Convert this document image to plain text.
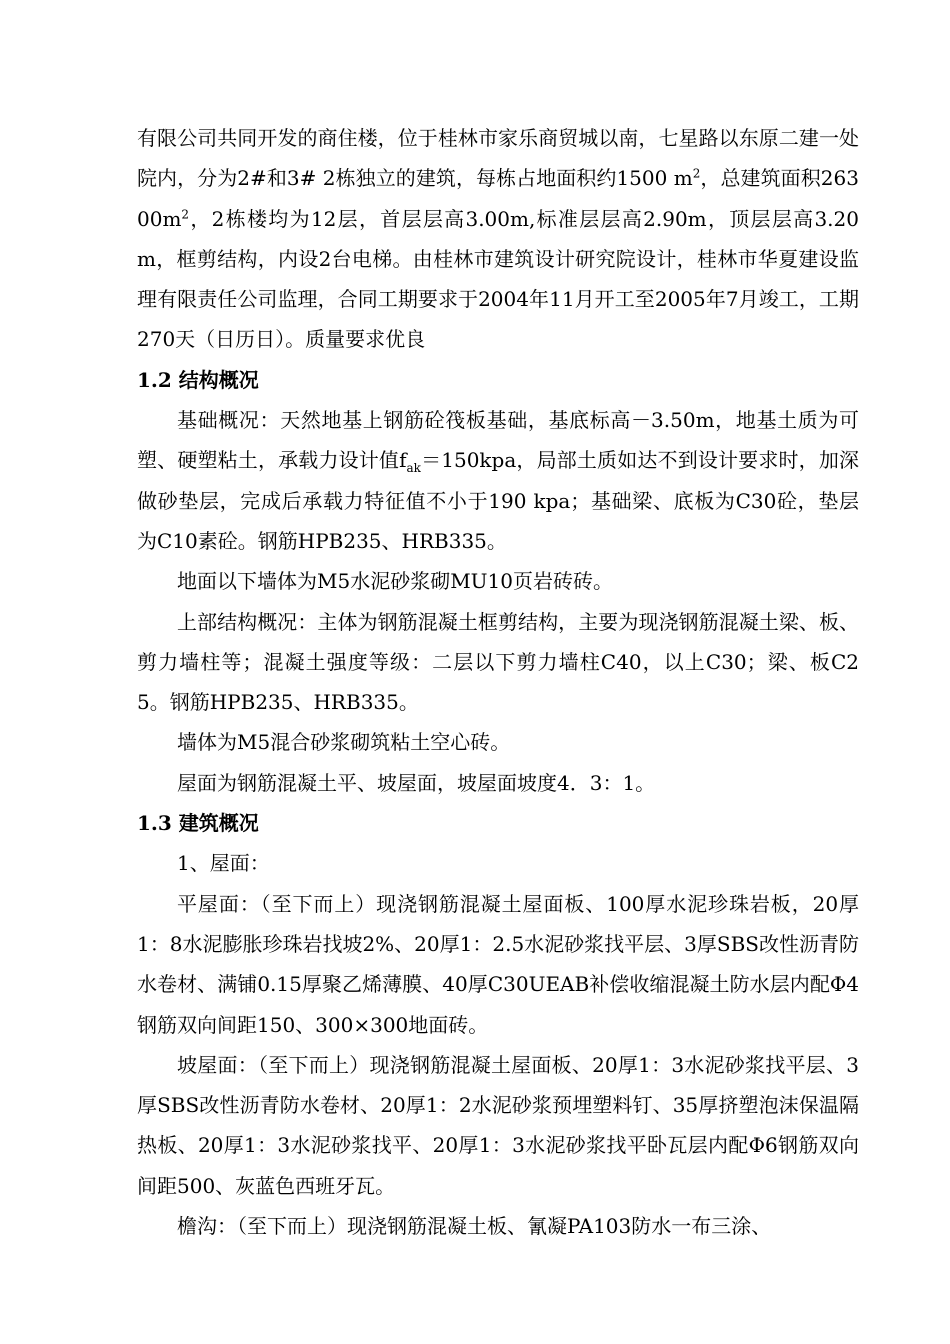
有限公司共同开发的商住楼，位于桂林市家乐商贸城以南，七星路以东原二建一处院内，分为2#和3# 2栋独立的建筑，每栋占地面积约1500 $m^2$，总建筑面积$26300m^2$，2栋楼均为12层，首层层高3.00m,标准层层高2.90m，顶层层高3.20m，框剪结构，内设2台电梯。由桂林市建筑设计研究院设计，桂林市华夏建设监理有限责任公司监理，合同工期要求于2004年11月开工至2005年7月竣工，工期270天（日历日）。质量要求优良

1.2 结构概况

基础概况：天然地基上钢筋砼筏板基础，基底标高－3.50m，地基土质为可塑、硬塑粘土，承载力设计值$f_{ak}=150kpa$，局部土质如达不到设计要求时，加深做砂垫层，完成后承载力特征值不小于190 kpa；基础梁、底板为C30砼，垫层为C10素砼。钢筋HPB235、HRB335。

地面以下墙体为M5水泥砂浆砌MU10页岩砖砖。

上部结构概况：主体为钢筋混凝土框剪结构，主要为现浇钢筋混凝土梁、板、剪力墙柱等；混凝土强度等级：二层以下剪力墙柱C40，以上C30；梁、板C25。钢筋HPB235、HRB335。

墙体为M5混合砂浆砌筑粘土空心砖。

屋面为钢筋混凝土平、坡屋面，坡屋面坡度4．3：1。

1.3 建筑概况

1、屋面：

平屋面：（至下而上）现浇钢筋混凝土屋面板、100厚水泥珍珠岩板，20厚1：8水泥膨胀珍珠岩找坡2%、20厚1：2.5水泥砂浆找平层、3厚SBS改性沥青防水卷材、满铺0.15厚聚乙烯薄膜、40厚C30UEAB补偿收缩混凝土防水层内配Φ4钢筋双向间距150、300×300地面砖。

坡屋面：（至下而上）现浇钢筋混凝土屋面板、20厚1：3水泥砂浆找平层、3厚SBS改性沥青防水卷材、20厚1：2水泥砂浆预埋塑料钉、35厚挤塑泡沫保温隔热板、20厚1：3水泥砂浆找平、20厚1：3水泥砂浆找平卧瓦层内配Φ6钢筋双向间距500、灰蓝色西班牙瓦。

檐沟：（至下而上）现浇钢筋混凝土板、氰凝PA103防水一布三涂、
